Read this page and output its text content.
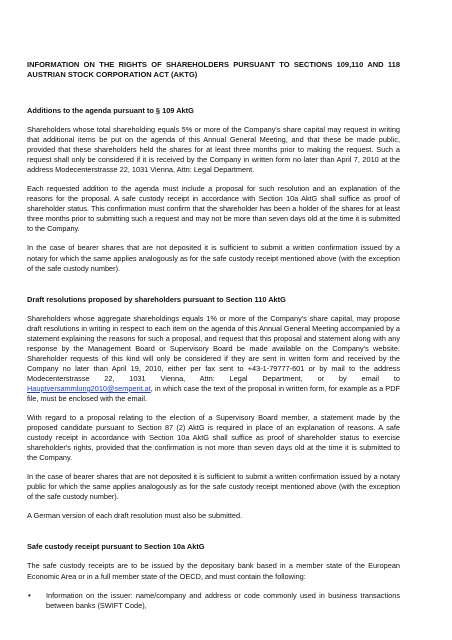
INFORMATION ON THE RIGHTS OF SHAREHOLDERS PURSUANT TO SECTIONS 109,110 AND 118 AUSTRIAN STOCK CORPORATION ACT (AKTG)
Additions to the agenda pursuant to § 109 AktG
Shareholders whose total shareholding equals 5% or more of the Company's share capital may request in writing that additional items be put on the agenda of this Annual General Meeting, and that these be made public, provided that these shareholders held the shares for at least three months prior to making the request. Such a request shall only be considered if it is received by the Company in written form no later than April 7, 2010 at the address Modecenterstrasse 22, 1031 Vienna, Attn: Legal Department.
Each requested addition to the agenda must include a proposal for such resolution and an explanation of the reasons for the proposal. A safe custody receipt in accordance with Section 10a AktG shall suffice as proof of shareholder status. This confirmation must confirm that the shareholder has been a holder of the shares for at least three months prior to submitting such a request and may not be more than seven days old at the time it is submitted to the Company.
In the case of bearer shares that are not deposited it is sufficient to submit a written confirmation issued by a notary for which the same applies analogously as for the safe custody receipt mentioned above (with the exception of the safe custody number).
Draft resolutions proposed by shareholders pursuant to Section 110 AktG
Shareholders whose aggregate shareholdings equals 1% or more of the Company's share capital, may propose draft resolutions in writing in respect to each item on the agenda of this Annual General Meeting accompanied by a statement explaining the reasons for such a proposal, and request that this proposal and statement along with any response by the Management Board or Supervisory Board be made available on the Company's website. Shareholder requests of this kind will only be considered if they are sent in written form and received by the Company no later than April 19, 2010, either per fax sent to +43-1-79777-601 or by mail to the address Modecenterstrasse 22, 1031 Vienna, Attn: Legal Department, or by email to Hauptversammlung2010@semperit.at, in which case the text of the proposal in written form, for example as a PDF file, must be enclosed with the email.
With regard to a proposal relating to the election of a Supervisory Board member, a statement made by the proposed candidate pursuant to Section 87 (2) AktG is required in place of an explanation of reasons. A safe custody receipt in accordance with Section 10a AktG shall suffice as proof of shareholder status to exercise shareholder's rights, provided that the confirmation is not more than seven days old at the time it is submitted to the Company.
In the case of bearer shares that are not deposited it is sufficient to submit a written confirmation issued by a notary public for which the same applies analogously as for the safe custody receipt mentioned above (with the exception of the safe custody number).
A German version of each draft resolution must also be submitted.
Safe custody receipt pursuant to Section 10a AktG
The safe custody receipts are to be issued by the depositary bank based in a member state of the European Economic Area or in a full member state of the OECD, and must contain the following:
•	Information on the issuer: name/company and address or code commonly used in business transactions between banks (SWIFT Code),
